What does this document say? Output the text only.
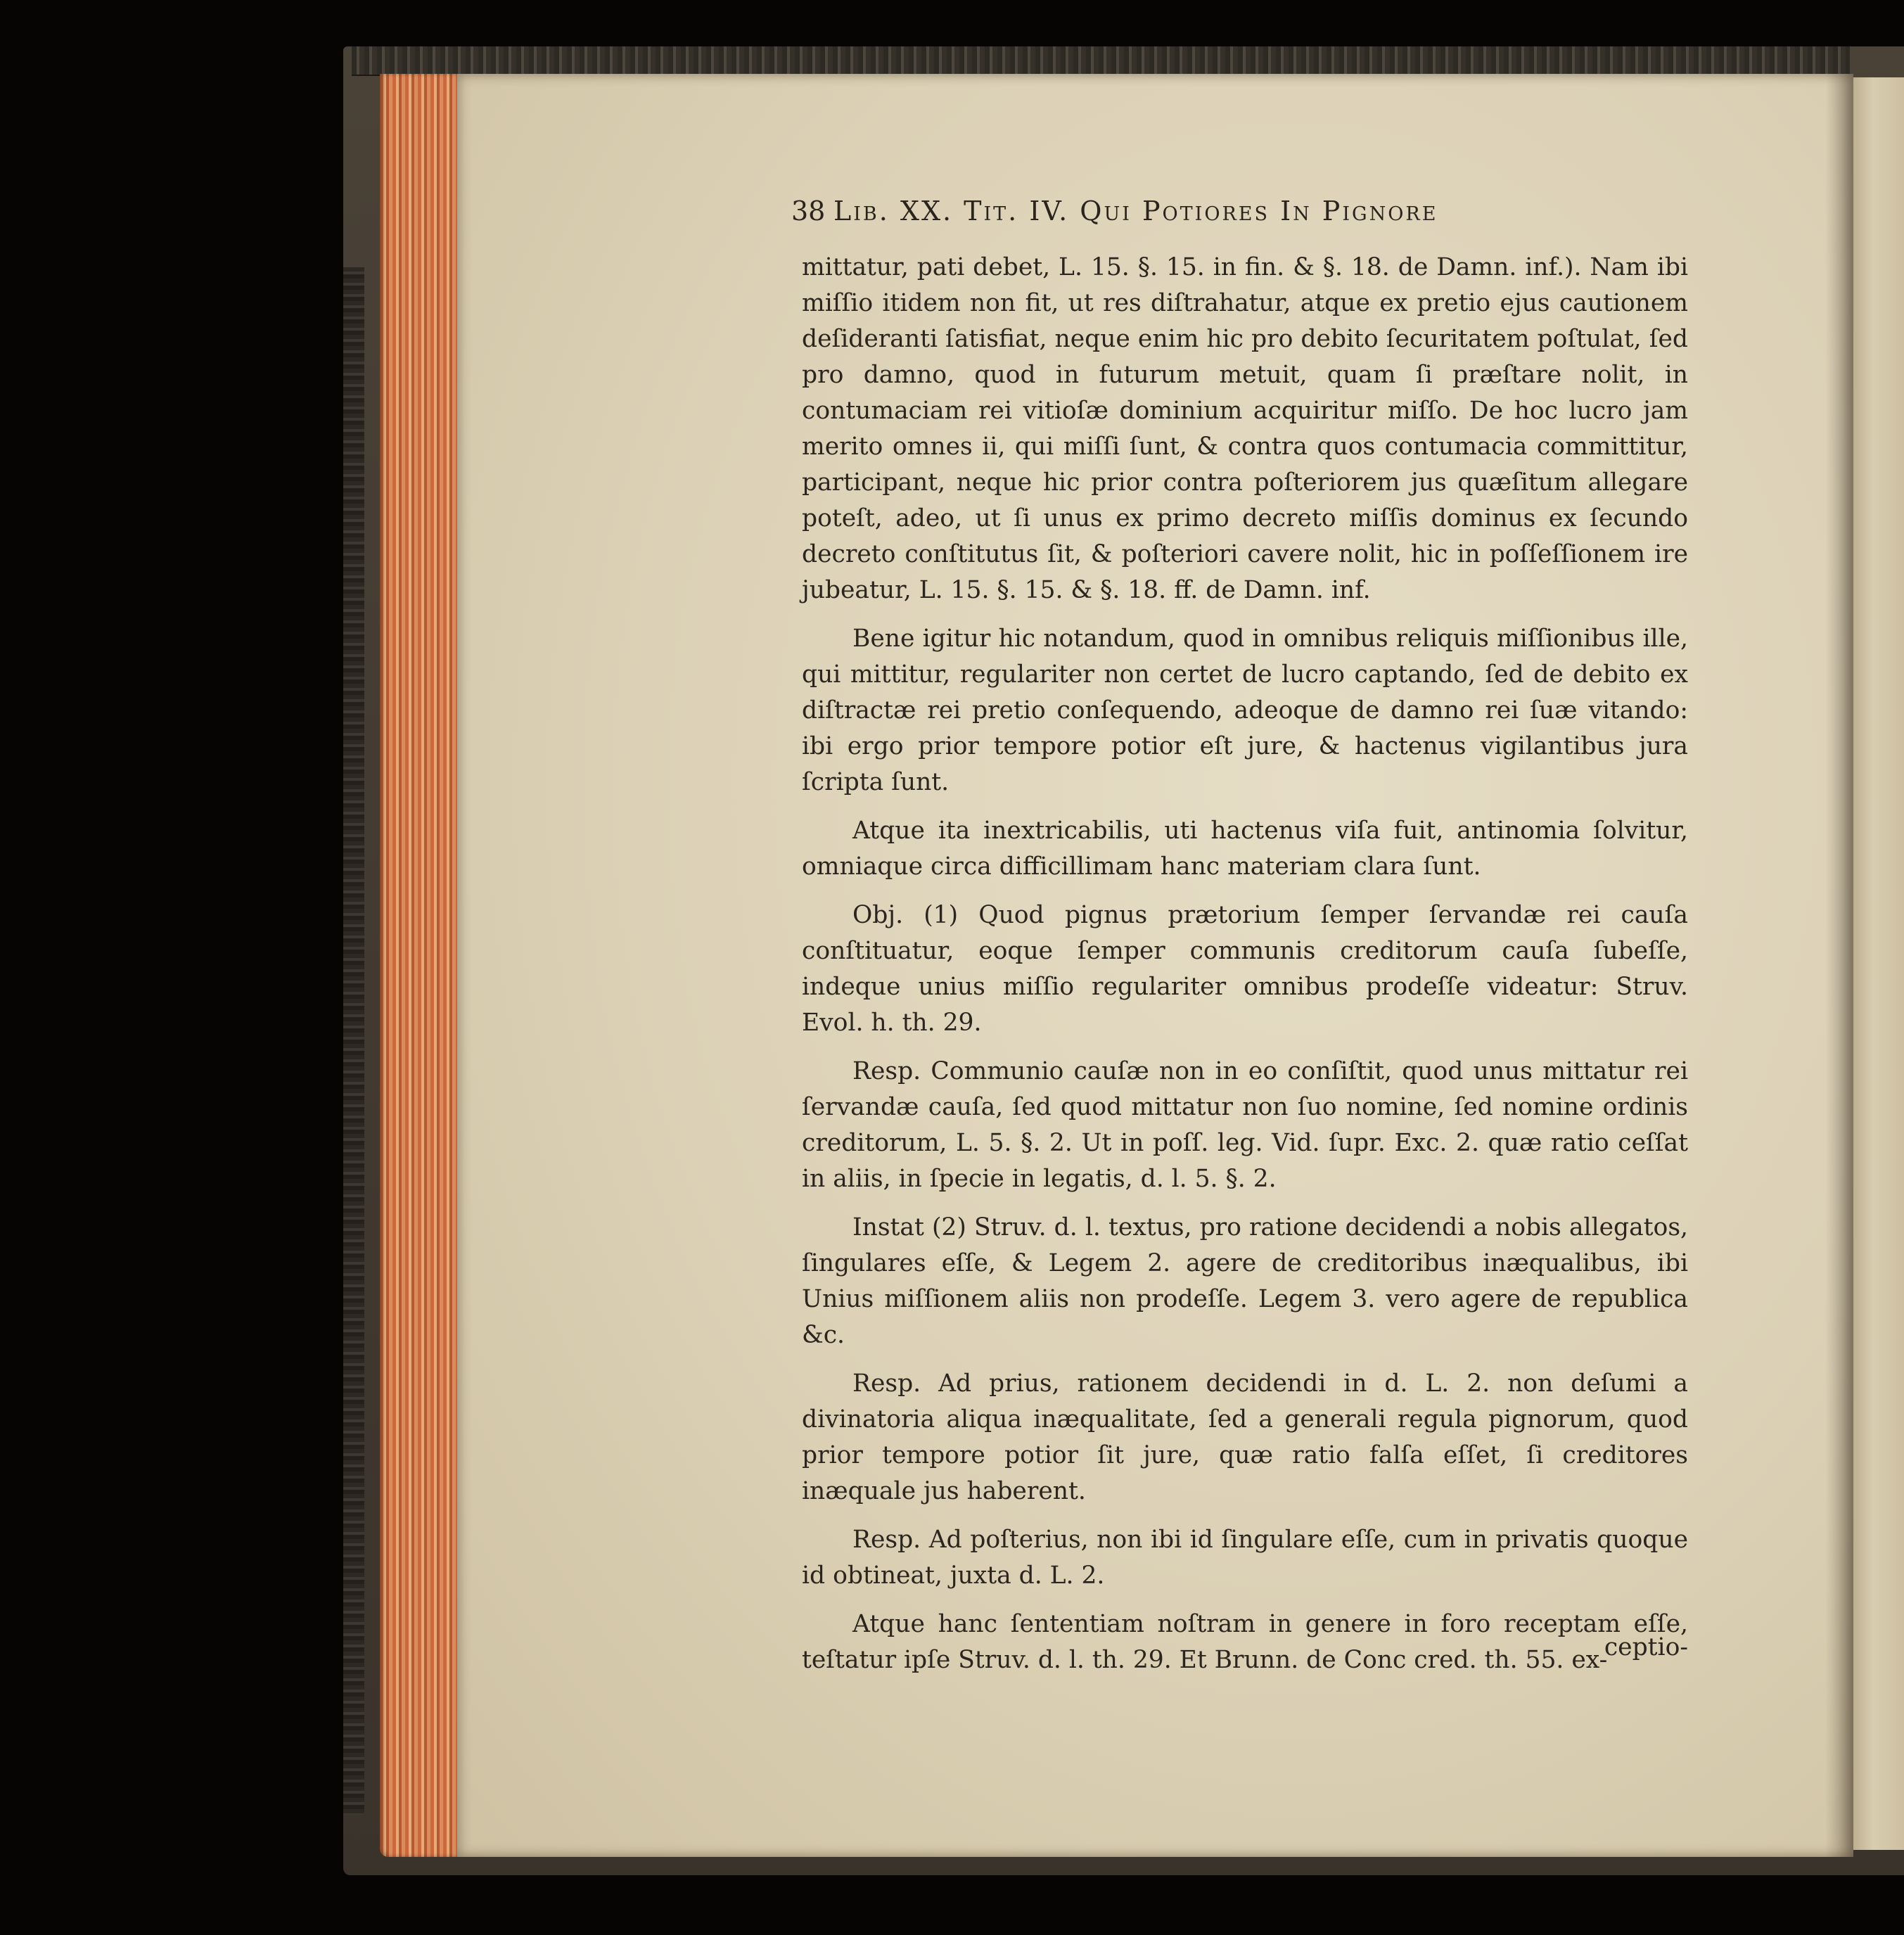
38 Lib. XX. Tit. IV. Qui Potiores In Pignore

mittatur, pati debet, L. 15. §. 15. in fin. & §. 18. de Damn. inf.). Nam ibi miſſio itidem non fit, ut res diſtrahatur, atque ex pretio ejus cautionem deſideranti ſatisfiat, neque enim hic pro debito ſecuritatem poſtulat, ſed pro damno, quod in futurum metuit, quam ſi præſtare nolit, in contumaciam rei vitioſæ dominium acquiritur miſſo. De hoc lucro jam merito omnes ii, qui miſſi ſunt, & contra quos contumacia committitur, participant, neque hic prior contra poſteriorem jus quæſitum allegare poteſt, adeo, ut ſi unus ex primo decreto miſſis dominus ex ſecundo decreto conſtitutus ſit, & poſteriori cavere nolit, hic in poſſeſſionem ire jubeatur, L. 15. §. 15. & §. 18. ff. de Damn. inf.

Bene igitur hic notandum, quod in omnibus reliquis miſſionibus ille, qui mittitur, regulariter non certet de lucro captando, ſed de debito ex diſtractæ rei pretio conſequendo, adeoque de damno rei ſuæ vitando: ibi ergo prior tempore potior eſt jure, & hactenus vigilantibus jura ſcripta ſunt.

Atque ita inextricabilis, uti hactenus viſa fuit, antinomia ſolvitur, omniaque circa difficillimam hanc materiam clara ſunt.

Obj. (1) Quod pignus prætorium ſemper ſervandæ rei cauſa conſtituatur, eoque ſemper communis creditorum cauſa ſubeſſe, indeque unius miſſio regulariter omnibus prodeſſe videatur: Struv. Evol. h. th. 29.

Resp. Communio cauſæ non in eo conſiſtit, quod unus mittatur rei ſervandæ cauſa, ſed quod mittatur non ſuo nomine, ſed nomine ordinis creditorum, L. 5. §. 2. Ut in poſſ. leg. Vid. ſupr. Exc. 2. quæ ratio ceſſat in aliis, in ſpecie in legatis, d. l. 5. §. 2.

Instat (2) Struv. d. l. textus, pro ratione decidendi a nobis allegatos, ſingulares eſſe, & Legem 2. agere de creditoribus inæqualibus, ibi Unius miſſionem aliis non prodeſſe. Legem 3. vero agere de republica &c.

Resp. Ad prius, rationem decidendi in d. L. 2. non deſumi a divinatoria aliqua inæqualitate, ſed a generali regula pignorum, quod prior tempore potior ſit jure, quæ ratio falſa eſſet, ſi creditores inæquale jus haberent.

Resp. Ad poſterius, non ibi id ſingulare eſſe, cum in privatis quoque id obtineat, juxta d. L. 2.

Atque hanc ſententiam noſtram in genere in foro receptam eſſe, teſtatur ipſe Struv. d. l. th. 29. Et Brunn. de Conc cred. th. 55. ex-

ceptio-
